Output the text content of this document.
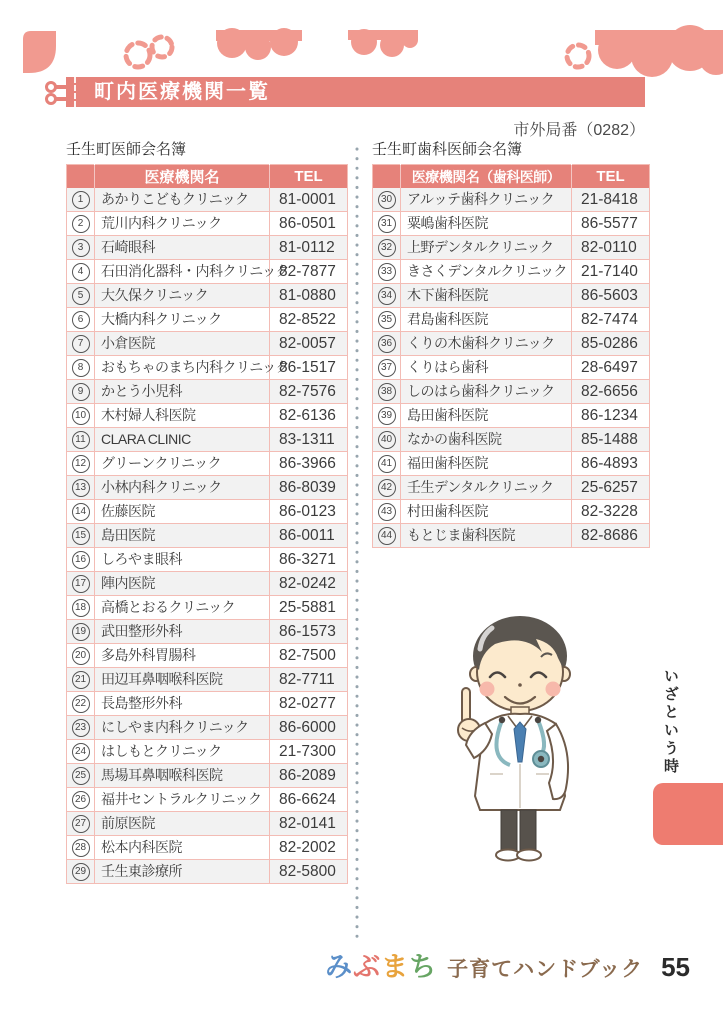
町内医療機関一覧
市外局番（0282）
壬生町医師会名簿
	医療機関名	TEL
1	あかりこどもクリニック	81-0001
2	荒川内科クリニック	86-0501
3	石崎眼科	81-0112
4	石田消化器科・内科クリニック	82-7877
5	大久保クリニック	81-0880
6	大橋内科クリニック	82-8522
7	小倉医院	82-0057
8	おもちゃのまち内科クリニック	86-1517
9	かとう小児科	82-7576
10	木村婦人科医院	82-6136
11	CLARA CLINIC	83-1311
12	グリーンクリニック	86-3966
13	小林内科クリニック	86-8039
14	佐藤医院	86-0123
15	島田医院	86-0011
16	しろやま眼科	86-3271
17	陣内医院	82-0242
18	高橋とおるクリニック	25-5881
19	武田整形外科	86-1573
20	多島外科胃腸科	82-7500
21	田辺耳鼻咽喉科医院	82-7711
22	長島整形外科	82-0277
23	にしやま内科クリニック	86-6000
24	はしもとクリニック	21-7300
25	馬場耳鼻咽喉科医院	86-2089
26	福井セントラルクリニック	86-6624
27	前原医院	82-0141
28	松本内科医院	82-2002
29	壬生東診療所	82-5800
壬生町歯科医師会名簿
	医療機関名（歯科医師）	TEL
30	アルッテ歯科クリニック	21-8418
31	粟嶋歯科医院	86-5577
32	上野デンタルクリニック	82-0110
33	きさくデンタルクリニック	21-7140
34	木下歯科医院	86-5603
35	君島歯科医院	82-7474
36	くりの木歯科クリニック	85-0286
37	くりはら歯科	28-6497
38	しのはら歯科クリニック	82-6656
39	島田歯科医院	86-1234
40	なかの歯科医院	85-1488
41	福田歯科医院	86-4893
42	壬生デンタルクリニック	25-6257
43	村田歯科医院	82-3228
44	もとじま歯科医院	82-8686
いざという時
みぶまち 子育てハンドブック 55
